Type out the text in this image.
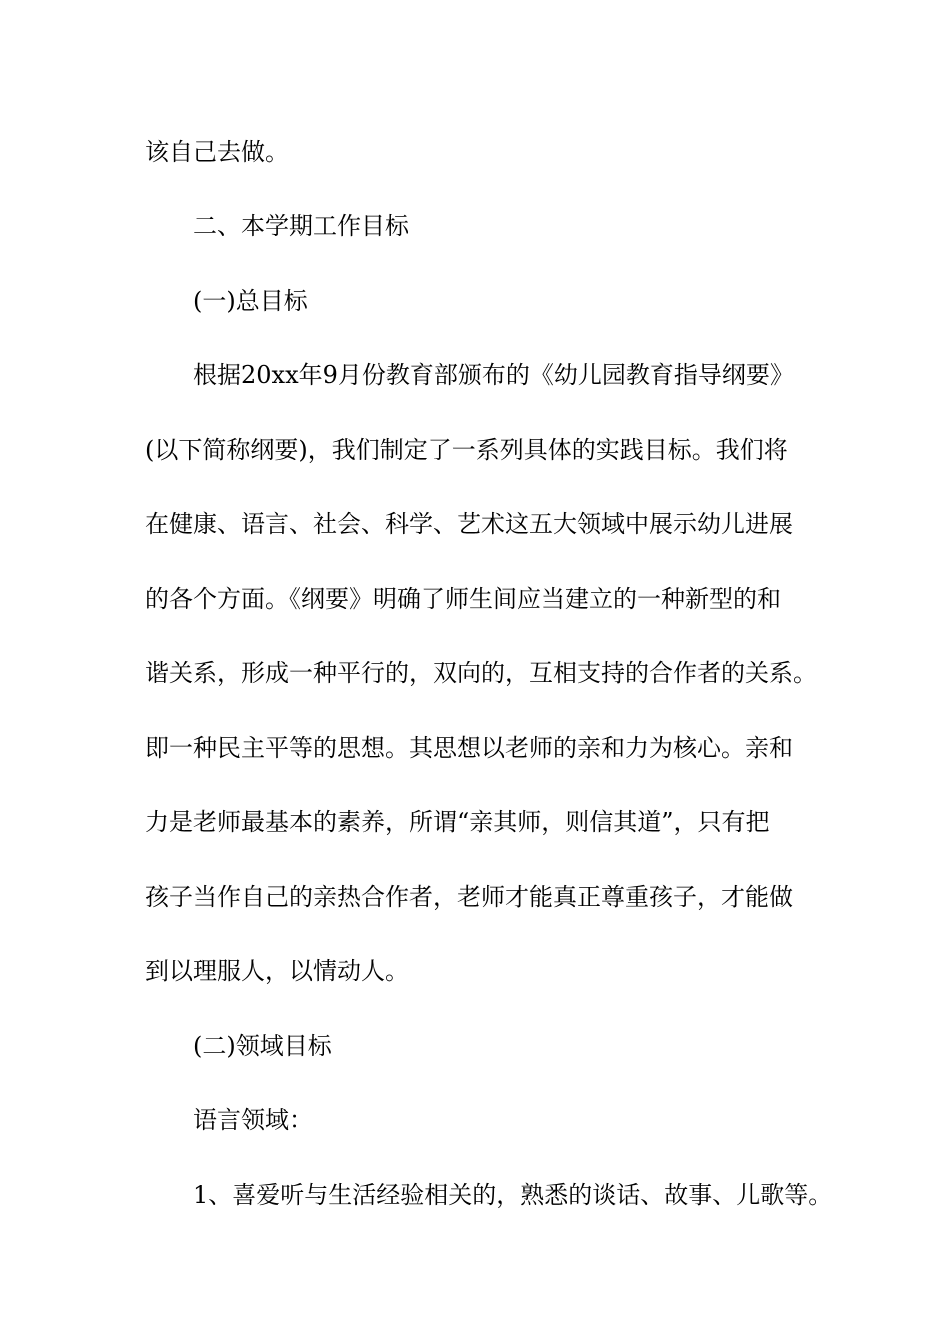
该自己去做。
二、本学期工作目标
(一)总目标
根据20xx年9月份教育部颁布的《幼儿园教育指导纲要》
(以下简称纲要)，我们制定了一系列具体的实践目标。我们将
在健康、语言、社会、科学、艺术这五大领域中展示幼儿进展
的各个方面。《纲要》明确了师生间应当建立的一种新型的和
谐关系，形成一种平行的，双向的，互相支持的合作者的关系。
即一种民主平等的思想。其思想以老师的亲和力为核心。亲和
力是老师最基本的素养，所谓“亲其师，则信其道”，只有把
孩子当作自己的亲热合作者，老师才能真正尊重孩子，才能做
到以理服人，以情动人。
(二)领域目标
语言领域：
1、喜爱听与生活经验相关的，熟悉的谈话、故事、儿歌等。
